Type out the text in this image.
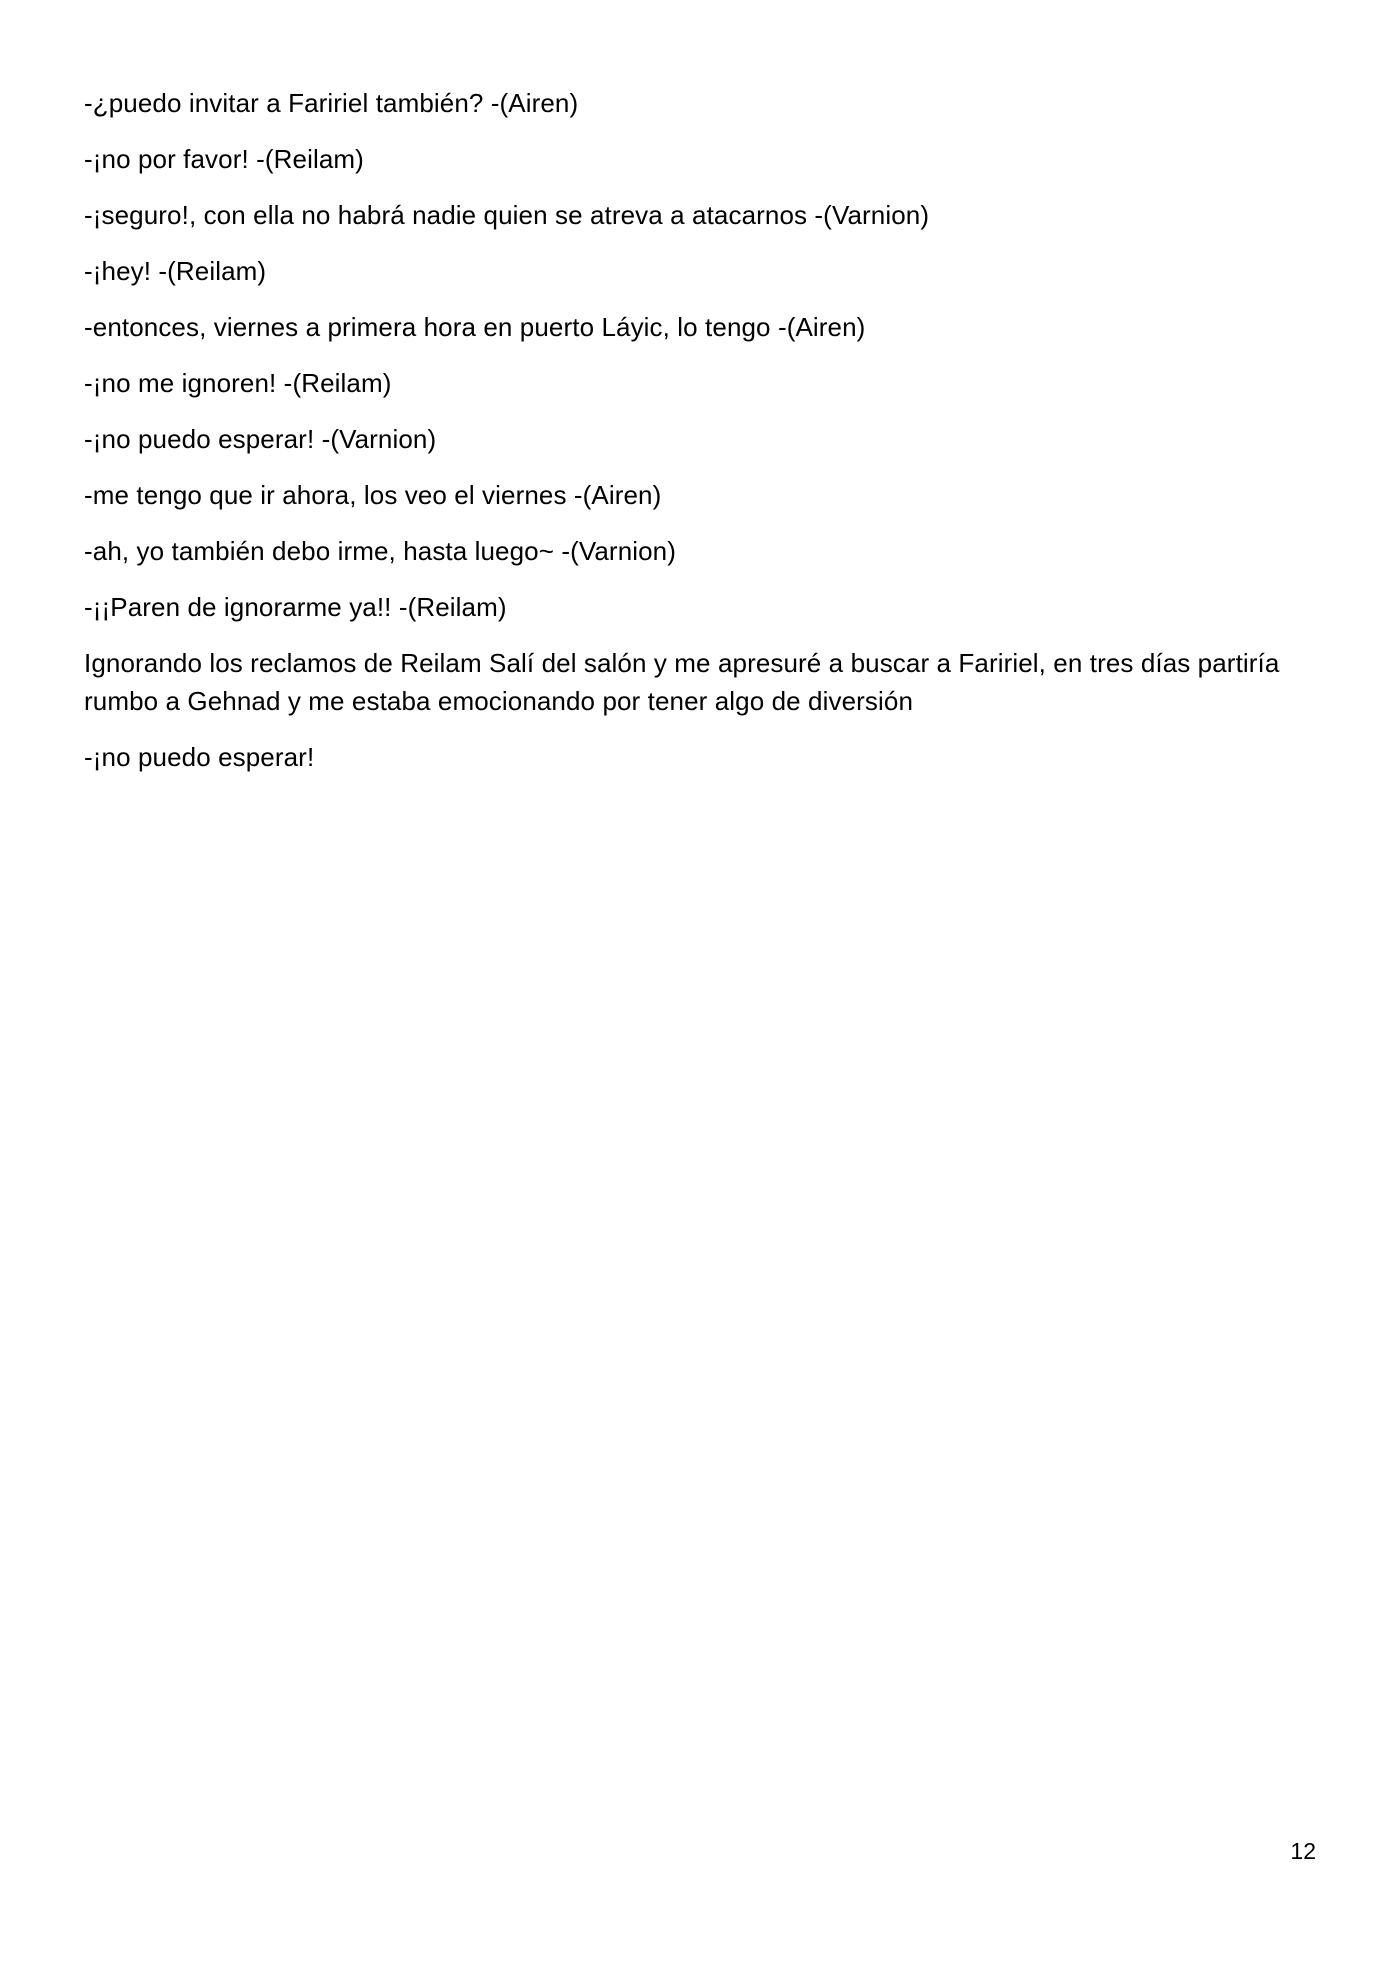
-¿puedo invitar a Faririel también? -(Airen)

-¡no por favor! -(Reilam)

-¡seguro!, con ella no habrá nadie quien se atreva a atacarnos -(Varnion)

-¡hey! -(Reilam)

-entonces, viernes a primera hora en puerto Láyic, lo tengo -(Airen)

-¡no me ignoren! -(Reilam)

-¡no puedo esperar! -(Varnion)

-me tengo que ir ahora, los veo el viernes -(Airen)

-ah, yo también debo irme, hasta luego~ -(Varnion)

-¡¡Paren de ignorarme ya!! -(Reilam)

Ignorando los reclamos de Reilam Salí del salón y me apresuré a buscar a Faririel, en tres días partiría rumbo a Gehnad y me estaba emocionando por tener algo de diversión

-¡no puedo esperar!

12
